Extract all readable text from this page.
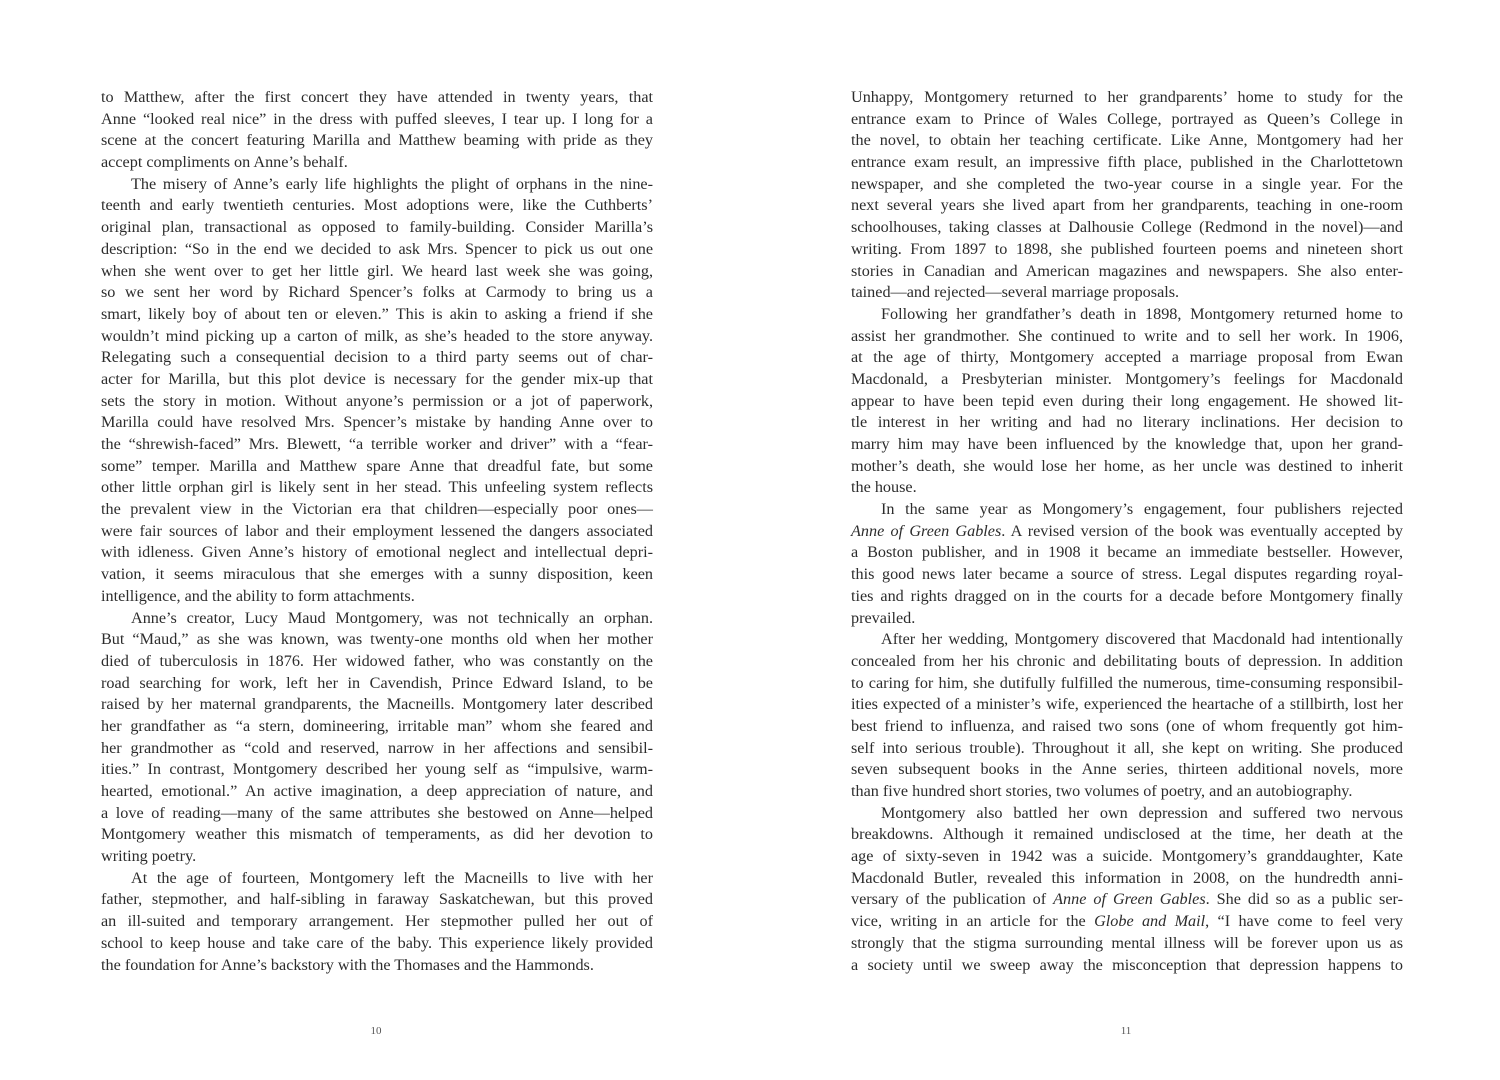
to Matthew, after the first concert they have attended in twenty years, that
Anne “looked real nice” in the dress with puffed sleeves, I tear up. I long for a
scene at the concert featuring Marilla and Matthew beaming with pride as they
accept compliments on Anne’s behalf.
The misery of Anne’s early life highlights the plight of orphans in the nine-
teenth and early twentieth centuries. Most adoptions were, like the Cuthberts’
original plan, transactional as opposed to family-building. Consider Marilla’s
description: “So in the end we decided to ask Mrs. Spencer to pick us out one
when she went over to get her little girl. We heard last week she was going,
so we sent her word by Richard Spencer’s folks at Carmody to bring us a
smart, likely boy of about ten or eleven.” This is akin to asking a friend if she
wouldn’t mind picking up a carton of milk, as she’s headed to the store anyway.
Relegating such a consequential decision to a third party seems out of char-
acter for Marilla, but this plot device is necessary for the gender mix-up that
sets the story in motion. Without anyone’s permission or a jot of paperwork,
Marilla could have resolved Mrs. Spencer’s mistake by handing Anne over to
the “shrewish-faced” Mrs. Blewett, “a terrible worker and driver” with a “fear-
some” temper. Marilla and Matthew spare Anne that dreadful fate, but some
other little orphan girl is likely sent in her stead. This unfeeling system reflects
the prevalent view in the Victorian era that children—especially poor ones—
were fair sources of labor and their employment lessened the dangers associated
with idleness. Given Anne’s history of emotional neglect and intellectual depri-
vation, it seems miraculous that she emerges with a sunny disposition, keen
intelligence, and the ability to form attachments.
Anne’s creator, Lucy Maud Montgomery, was not technically an orphan.
But “Maud,” as she was known, was twenty-one months old when her mother
died of tuberculosis in 1876. Her widowed father, who was constantly on the
road searching for work, left her in Cavendish, Prince Edward Island, to be
raised by her maternal grandparents, the Macneills. Montgomery later described
her grandfather as “a stern, domineering, irritable man” whom she feared and
her grandmother as “cold and reserved, narrow in her affections and sensibil-
ities.” In contrast, Montgomery described her young self as “impulsive, warm-
hearted, emotional.” An active imagination, a deep appreciation of nature, and
a love of reading—many of the same attributes she bestowed on Anne—helped
Montgomery weather this mismatch of temperaments, as did her devotion to
writing poetry.
At the age of fourteen, Montgomery left the Macneills to live with her
father, stepmother, and half-sibling in faraway Saskatchewan, but this proved
an ill-suited and temporary arrangement. Her stepmother pulled her out of
school to keep house and take care of the baby. This experience likely provided
the foundation for Anne’s backstory with the Thomases and the Hammonds.
10
Unhappy, Montgomery returned to her grandparents’ home to study for the
entrance exam to Prince of Wales College, portrayed as Queen’s College in
the novel, to obtain her teaching certificate. Like Anne, Montgomery had her
entrance exam result, an impressive fifth place, published in the Charlottetown
newspaper, and she completed the two-year course in a single year. For the
next several years she lived apart from her grandparents, teaching in one-room
schoolhouses, taking classes at Dalhousie College (Redmond in the novel)—and
writing. From 1897 to 1898, she published fourteen poems and nineteen short
stories in Canadian and American magazines and newspapers. She also enter-
tained—and rejected—several marriage proposals.
Following her grandfather’s death in 1898, Montgomery returned home to
assist her grandmother. She continued to write and to sell her work. In 1906,
at the age of thirty, Montgomery accepted a marriage proposal from Ewan
Macdonald, a Presbyterian minister. Montgomery’s feelings for Macdonald
appear to have been tepid even during their long engagement. He showed lit-
tle interest in her writing and had no literary inclinations. Her decision to
marry him may have been influenced by the knowledge that, upon her grand-
mother’s death, she would lose her home, as her uncle was destined to inherit
the house.
In the same year as Mongomery’s engagement, four publishers rejected
Anne of Green Gables. A revised version of the book was eventually accepted by
a Boston publisher, and in 1908 it became an immediate bestseller. However,
this good news later became a source of stress. Legal disputes regarding royal-
ties and rights dragged on in the courts for a decade before Montgomery finally
prevailed.
After her wedding, Montgomery discovered that Macdonald had intentionally
concealed from her his chronic and debilitating bouts of depression. In addition
to caring for him, she dutifully fulfilled the numerous, time-consuming responsibil-
ities expected of a minister’s wife, experienced the heartache of a stillbirth, lost her
best friend to influenza, and raised two sons (one of whom frequently got him-
self into serious trouble). Throughout it all, she kept on writing. She produced
seven subsequent books in the Anne series, thirteen additional novels, more
than five hundred short stories, two volumes of poetry, and an autobiography.
Montgomery also battled her own depression and suffered two nervous
breakdowns. Although it remained undisclosed at the time, her death at the
age of sixty-seven in 1942 was a suicide. Montgomery’s granddaughter, Kate
Macdonald Butler, revealed this information in 2008, on the hundredth anni-
versary of the publication of Anne of Green Gables. She did so as a public ser-
vice, writing in an article for the Globe and Mail, “I have come to feel very
strongly that the stigma surrounding mental illness will be forever upon us as
a society until we sweep away the misconception that depression happens to
11
